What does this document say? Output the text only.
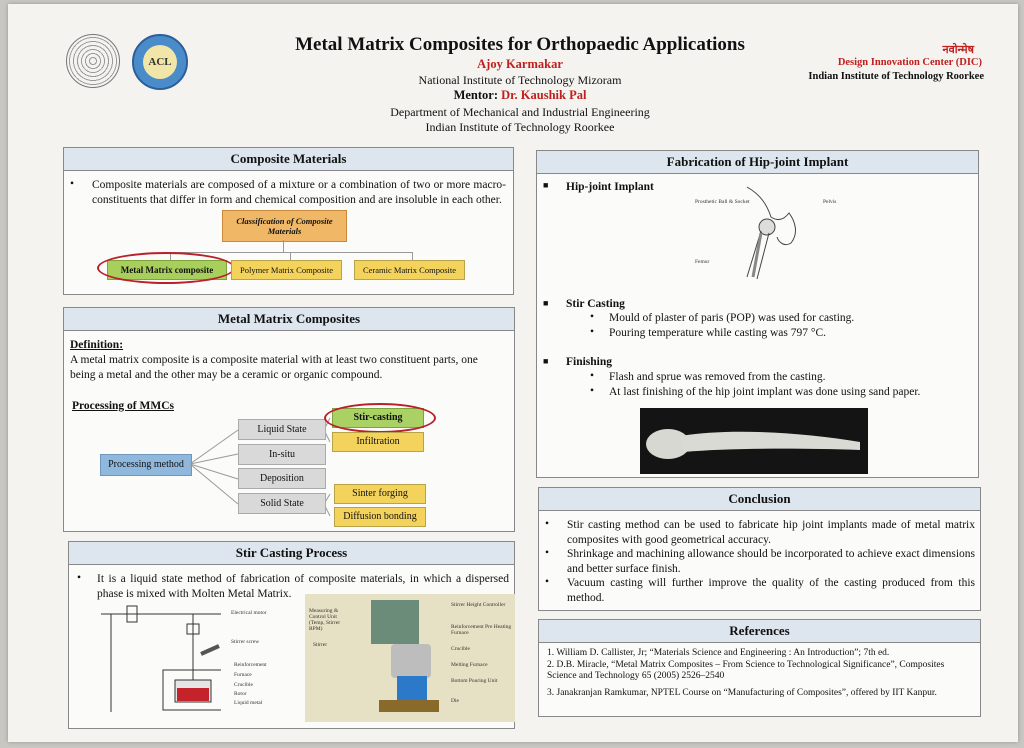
ACL
Metal Matrix Composites for Orthopaedic Applications
Ajoy Karmakar
National Institute of Technology Mizoram
Mentor: Dr. Kaushik Pal
Department of Mechanical and Industrial Engineering
Indian Institute of Technology Roorkee
नवोन्मेष
Design Innovation Center (DIC)
Indian Institute of Technology Roorkee
Composite Materials
• Composite materials are composed of a mixture or a combination of two or more macro-constituents that differ in form and chemical composition and are insoluble in each other.
Classification of Composite Materials
Metal Matrix composite	Polymer Matrix Composite	Ceramic Matrix Composite
Metal Matrix Composites
Definition:
A metal matrix composite is a composite material with at least two constituent parts, one being a metal and the other may be a ceramic or organic compound.
Processing of MMCs
Processing method
Liquid State
In-situ
Deposition
Solid State
Stir-casting
Infiltration
Sinter forging
Diffusion bonding
Stir Casting Process
• It is a liquid state method of fabrication of composite materials, in which a dispersed phase is mixed with Molten Metal Matrix.
Electrical motor
Stirrer screw
Reinforcement
Furnace
Crucible
Rotor
Liquid metal
Measuring & Control Unit (Temp, Stirrer RPM)
Stirrer
Stirrer Height Controller
Reinforcement Pre Heating Furnace
Crucible
Melting Furnace
Bottom Pouring Unit
Die
Fabrication of Hip-joint Implant
■ Hip-joint Implant
Prosthetic Ball & Socket	Pelvis
Femur
■ Stir Casting
• Mould of plaster of paris (POP) was used for casting.
• Pouring temperature while casting was 797 °C.
■ Finishing
• Flash and sprue was removed from the casting.
• At last finishing of the hip joint implant was done using sand paper.
Conclusion
• Stir casting method can be used to fabricate hip joint implants made of metal matrix composites with good geometrical accuracy.
• Shrinkage and machining allowance should be incorporated to achieve exact dimensions and better surface finish.
• Vacuum casting will further improve the quality of the casting produced from this method.
References
1. William D. Callister, Jr; “Materials Science and Engineering : An Introduction”; 7th ed.
2. D.B. Miracle, “Metal Matrix Composites – From Science to Technological Significance”, Composites Science and Technology 65 (2005) 2526–2540
3. Janakranjan Ramkumar, NPTEL Course on “Manufacturing of Composites”, offered by IIT Kanpur.
